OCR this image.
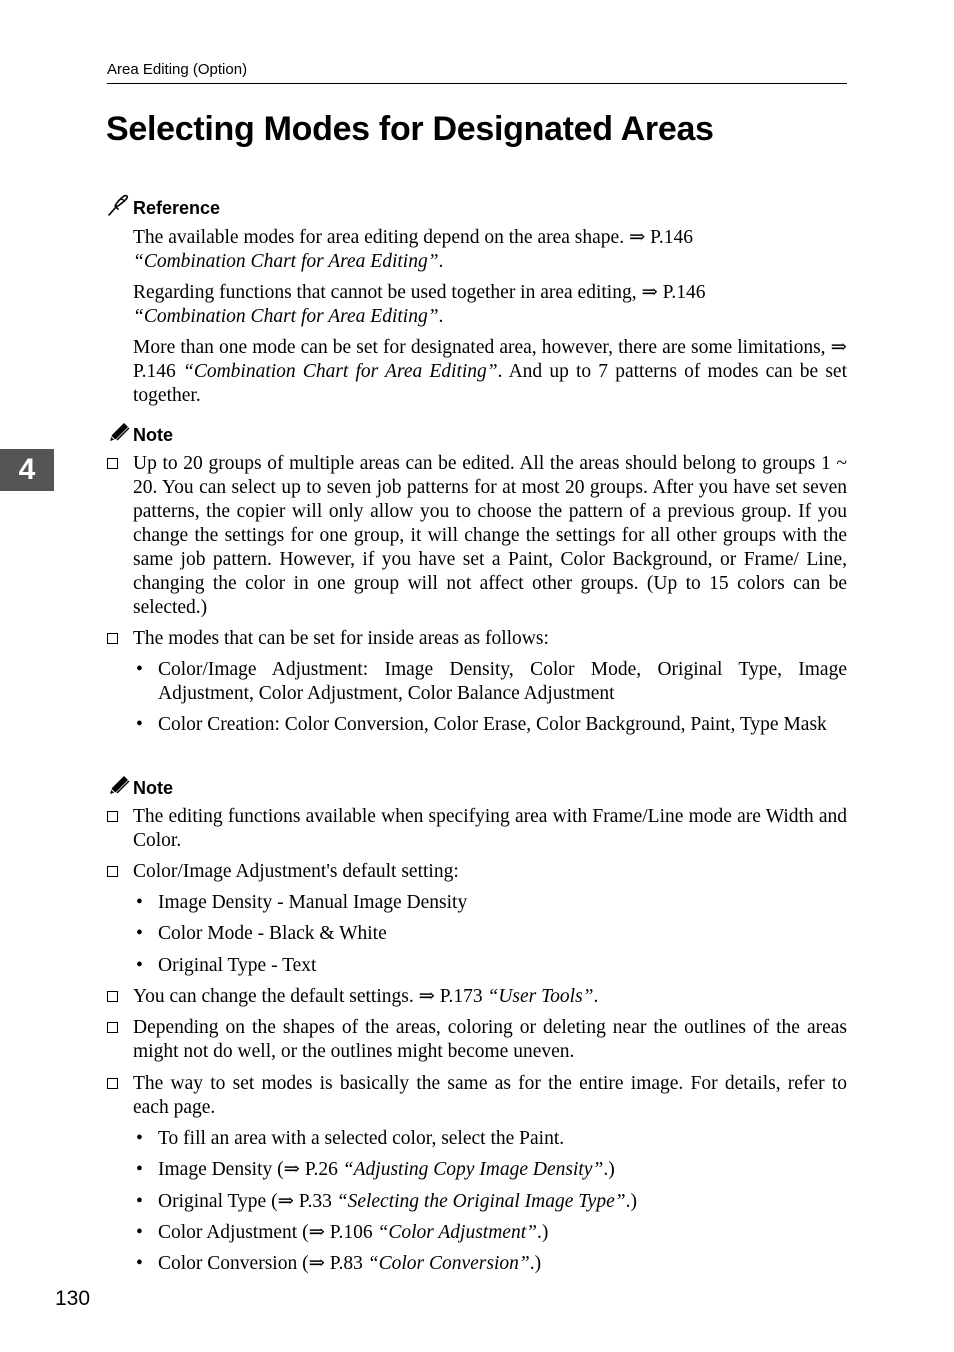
Area Editing (Option)
Selecting Modes for Designated Areas
Reference

The available modes for area editing depend on the area shape. ⇒ P.146
“Combination Chart for Area Editing”.

Regarding functions that cannot be used together in area editing, ⇒ P.146
“Combination Chart for Area Editing”.

More than one mode can be set for designated area, however, there are some limitations, ⇒ P.146 “Combination Chart for Area Editing”. And up to 7 patterns of modes can be set together.

4
Note
Up to 20 groups of multiple areas can be edited. All the areas should belong to groups 1 ~ 20. You can select up to seven job patterns for at most 20 groups. After you have set seven patterns, the copier will only allow you to choose the pattern of a previous group. If you change the settings for one group, it will change the settings for all other groups with the same job pattern. However, if you have set a Paint, Color Background, or Frame/ Line, changing the color in one group will not affect other groups. (Up to 15 colors can be selected.)
The modes that can be set for inside areas as follows:
• Color/Image Adjustment: Image Density, Color Mode, Original Type, Image Adjustment, Color Adjustment, Color Balance Adjustment
• Color Creation: Color Conversion, Color Erase, Color Background, Paint, Type Mask
Note
The editing functions available when specifying area with Frame/Line mode are Width and Color.
Color/Image Adjustment's default setting:
• Image Density - Manual Image Density
• Color Mode - Black & White
• Original Type - Text
You can change the default settings. ⇒ P.173 “User Tools”.
Depending on the shapes of the areas, coloring or deleting near the outlines of the areas might not do well, or the outlines might become uneven.
The way to set modes is basically the same as for the entire image. For details, refer to each page.
• To fill an area with a selected color, select the Paint.
• Image Density (⇒ P.26 “Adjusting Copy Image Density”.)
• Original Type (⇒ P.33 “Selecting the Original Image Type”.)
• Color Adjustment (⇒ P.106 “Color Adjustment”.)
• Color Conversion (⇒ P.83 “Color Conversion”.)
130
